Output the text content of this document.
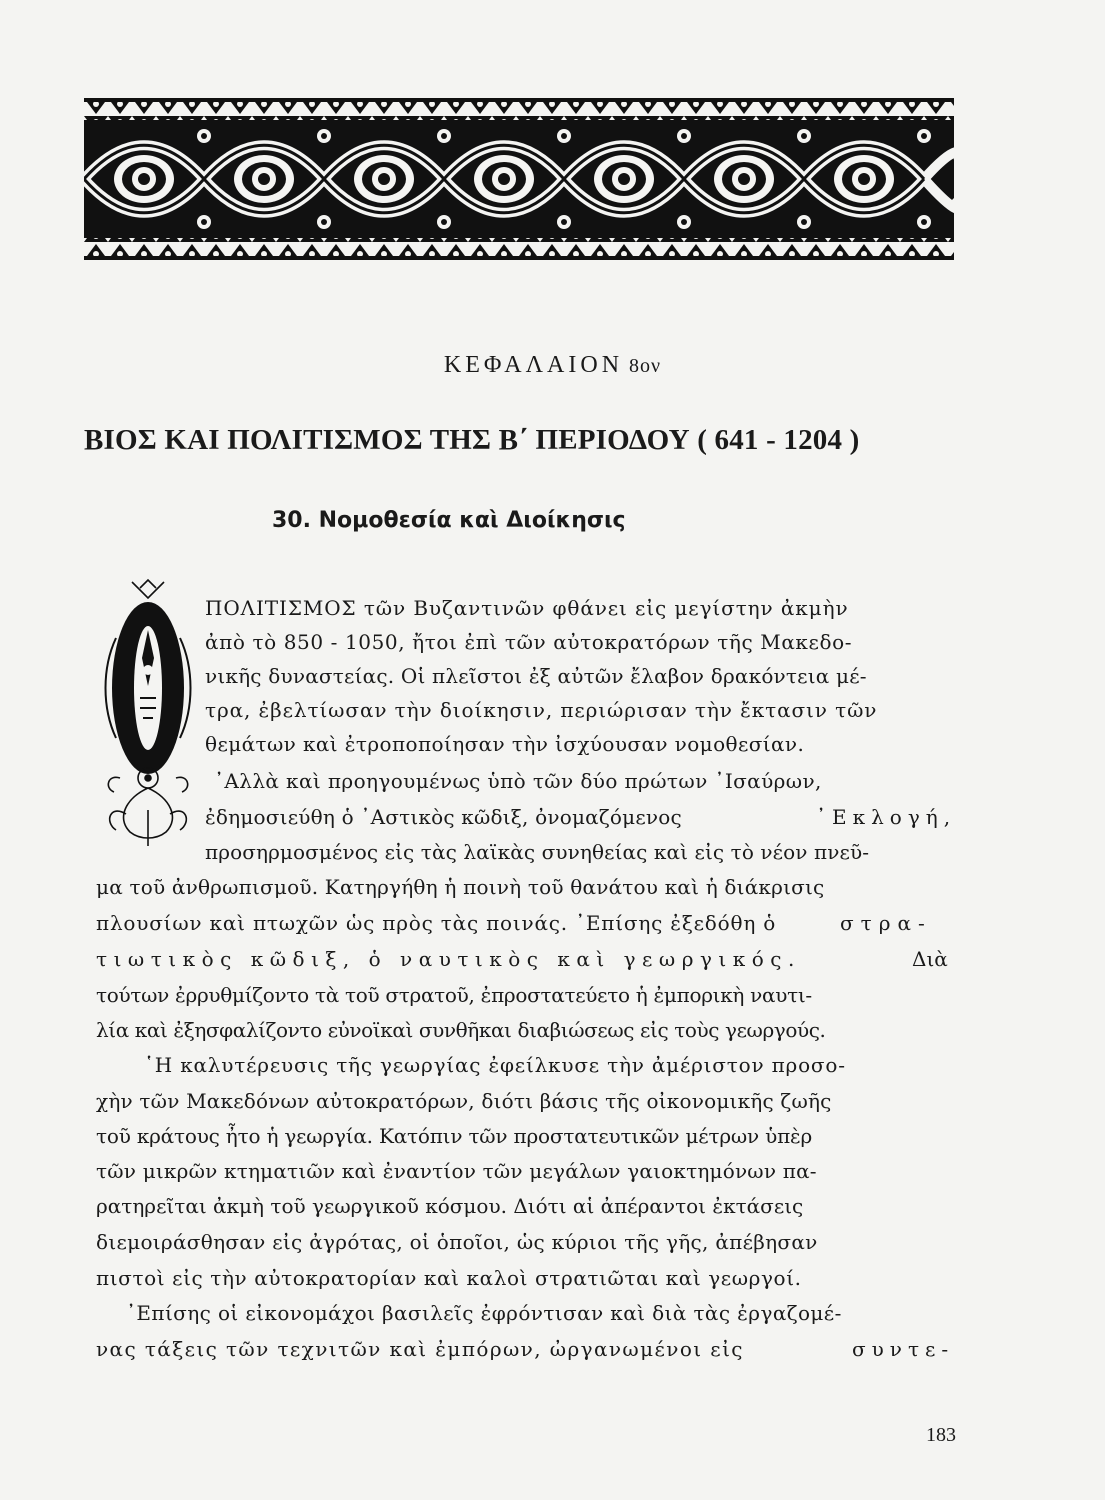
ΚΕΦΑΛΑΙΟΝ 8ον
ΒΙΟΣ ΚΑΙ ΠΟΛΙΤΙΣΜΟΣ ΤΗΣ Β΄ ΠΕΡΙΟΔΟΥ ( 641 - 1204 )
30. Νομοθεσία καὶ Διοίκησις
ΠΟΛΙΤΙΣΜΟΣ τῶν Βυζαντινῶν φθάνει εἰς μεγίστην ἀκμὴν
ἀπὸ τὸ 850 - 1050, ἤτοι ἐπὶ τῶν αὐτοκρατόρων τῆς Μακεδο-
νικῆς δυναστείας. Οἱ πλεῖστοι ἐξ αὐτῶν ἔλαβον δρακόντεια μέ-
τρα, ἐβελτίωσαν τὴν διοίκησιν, περιώρισαν τὴν ἔκτασιν τῶν
θεμάτων καὶ ἐτροποποίησαν τὴν ἰσχύουσαν νομοθεσίαν.
᾿Αλλὰ καὶ προηγουμένως ὑπὸ τῶν δύο πρώτων ᾿Ισαύρων,
ἐδημοσιεύθη ὁ ᾿Αστικὸς κῶδιξ, ὀνομαζόμενος	᾿Εκλογή,
προσηρμοσμένος εἰς τὰς λαϊκὰς συνηθείας καὶ εἰς τὸ νέον πνεῦ-
μα τοῦ ἀνθρωπισμοῦ. Κατηργήθη ἡ ποινὴ τοῦ θανάτου καὶ ἡ διάκρισις
πλουσίων καὶ πτωχῶν ὡς πρὸς τὰς ποινάς. ᾿Επίσης ἐξεδόθη ὁ	στρα-
τιωτικὸς κῶδιξ, ὁ ναυτικὸς καὶ γεωργικός.	Διὰ
τούτων ἐρρυθμίζοντο τὰ τοῦ στρατοῦ, ἐπροστατεύετο ἡ ἐμπορικὴ ναυτι-
λία καὶ ἐξησφαλίζοντο εὐνοϊκαὶ συνθῆκαι διαβιώσεως εἰς τοὺς γεωργούς.
῾Η καλυτέρευσις τῆς γεωργίας ἐφείλκυσε τὴν ἀμέριστον προσο-
χὴν τῶν Μακεδόνων αὐτοκρατόρων, διότι βάσις τῆς οἰκονομικῆς ζωῆς
τοῦ κράτους ἦτο ἡ γεωργία. Κατόπιν τῶν προστατευτικῶν μέτρων ὑπὲρ
τῶν μικρῶν κτηματιῶν καὶ ἐναντίον τῶν μεγάλων γαιοκτημόνων πα-
ρατηρεῖται ἀκμὴ τοῦ γεωργικοῦ κόσμου. Διότι αἱ ἀπέραντοι ἐκτάσεις
διεμοιράσθησαν εἰς ἀγρότας, οἱ ὁποῖοι, ὡς κύριοι τῆς γῆς, ἀπέβησαν
πιστοὶ εἰς τὴν αὐτοκρατορίαν καὶ καλοὶ στρατιῶται καὶ γεωργοί.
᾿Επίσης οἱ εἰκονομάχοι βασιλεῖς ἐφρόντισαν καὶ διὰ τὰς ἐργαζομέ-
νας τάξεις τῶν τεχνιτῶν καὶ ἐμπόρων, ὠργανωμένοι εἰς	συντε-
183
